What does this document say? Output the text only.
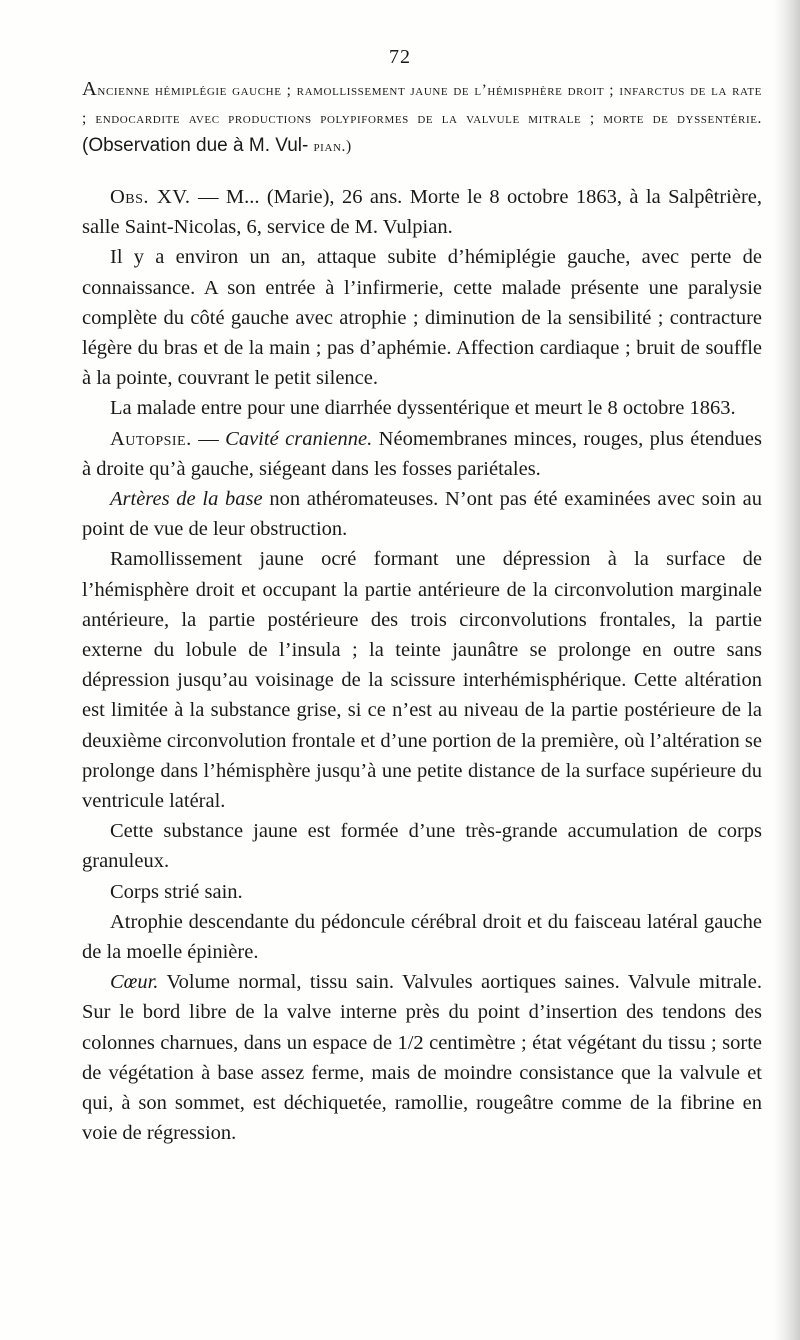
72
Ancienne hémiplégie gauche ; ramollissement jaune de l’hémisphère droit ; infarctus de la rate ; endocardite avec productions polypiformes de la valvule mitrale ; morte de dyssentérie. (Observation due à M. Vul- pian.)

Obs. XV. — M... (Marie), 26 ans. Morte le 8 octobre 1863, à la Salpêtrière, salle Saint-Nicolas, 6, service de M. Vulpian.

Il y a environ un an, attaque subite d’hémiplégie gauche, avec perte de connaissance. A son entrée à l’infirmerie, cette malade présente une paralysie complète du côté gauche avec atrophie ; diminution de la sensibilité ; contracture légère du bras et de la main ; pas d’aphémie. Affection cardiaque ; bruit de souffle à la pointe, couvrant le petit silence.

La malade entre pour une diarrhée dyssentérique et meurt le 8 octobre 1863.

Autopsie. — Cavité cranienne. Néomembranes minces, rouges, plus étendues à droite qu’à gauche, siégeant dans les fosses pariétales.

Artères de la base non athéromateuses. N’ont pas été examinées avec soin au point de vue de leur obstruction.

Ramollissement jaune ocré formant une dépression à la surface de l’hémisphère droit et occupant la partie antérieure de la circonvolution marginale antérieure, la partie postérieure des trois circonvolutions frontales, la partie externe du lobule de l’insula ; la teinte jaunâtre se prolonge en outre sans dépression jusqu’au voisinage de la scissure interhémisphérique. Cette altération est limitée à la substance grise, si ce n’est au niveau de la partie postérieure de la deuxième circonvolution frontale et d’une portion de la première, où l’altération se prolonge dans l’hémisphère jusqu’à une petite distance de la surface supérieure du ventricule latéral.

Cette substance jaune est formée d’une très-grande accumulation de corps granuleux.

Corps strié sain.

Atrophie descendante du pédoncule cérébral droit et du faisceau latéral gauche de la moelle épinière.

Cœur. Volume normal, tissu sain. Valvules aortiques saines. Valvule mitrale. Sur le bord libre de la valve interne près du point d’insertion des tendons des colonnes charnues, dans un espace de 1/2 centimètre ; état végétant du tissu ; sorte de végétation à base assez ferme, mais de moindre consistance que la valvule et qui, à son sommet, est déchiquetée, ramollie, rougeâtre comme de la fibrine en voie de régression.
